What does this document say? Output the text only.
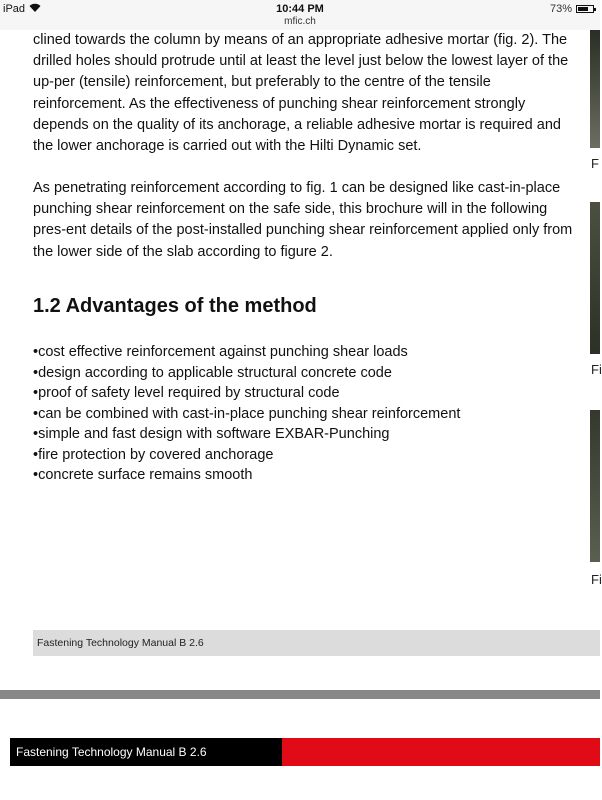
iPad	10:44 PM
mfic.ch
73%

clined towards the column by means of an appropriate adhesive mortar (fig. 2). The drilled holes should protrude until at least the level just below the lowest layer of the up-per (tensile) reinforcement, but preferably to the centre of the tensile reinforcement. As the effectiveness of punching shear reinforcement strongly depends on the quality of its anchorage, a reliable adhesive mortar is required and the lower anchorage is carried out with the Hilti Dynamic set.

As penetrating reinforcement according to fig. 1 can be designed like cast-in-place punching shear reinforcement on the safe side, this brochure will in the following pres-ent details of the post-installed punching shear reinforcement applied only from the lower side of the slab according to figure 2.

1.2 Advantages of the method
• cost effective reinforcement against punching shear loads
• design according to applicable structural concrete code
• proof of safety level required by structural code
• can be combined with cast-in-place punching shear reinforcement
• simple and fast design with software EXBAR-Punching
• fire protection by covered anchorage
• concrete surface remains smooth
F
Fi
Fi
Fastening Technology Manual B 2.6
Fastening Technology Manual B 2.6
